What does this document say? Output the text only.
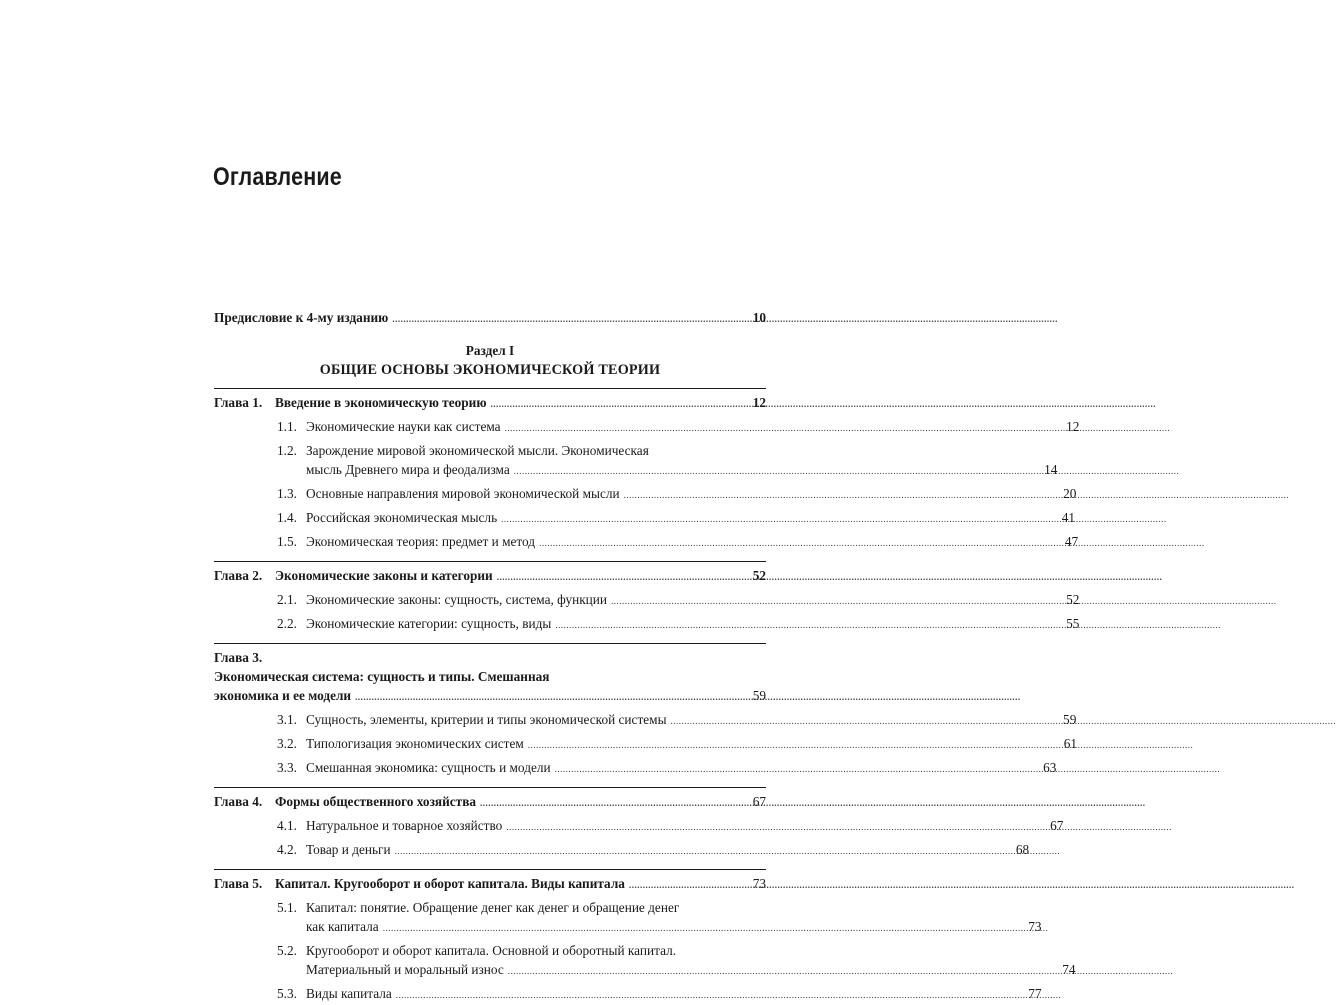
Оглавление
Предисловие к 4-му изданию .....	10
Раздел I
ОБЩИЕ ОСНОВЫ ЭКОНОМИЧЕСКОЙ ТЕОРИИ
Глава 1. Введение в экономическую теорию .....	12
1.1. Экономические науки как система .....	12
1.2. Зарождение мировой экономической мысли. Экономическая
мысль Древнего мира и феодализма .....	14
1.3. Основные направления мировой экономической мысли .....	20
1.4. Российская экономическая мысль .....	41
1.5. Экономическая теория: предмет и метод .....	47
Глава 2. Экономические законы и категории .....	52
2.1. Экономические законы: сущность, система, функции .....	52
2.2. Экономические категории: сущность, виды .....	55
Глава 3.
Экономическая система: сущность и типы. Смешанная
экономика и ее модели .....	59
3.1. Сущность, элементы, критерии и типы экономической системы .....	59
3.2. Типологизация экономических систем .....	61
3.3. Смешанная экономика: сущность и модели .....	63
Глава 4. Формы общественного хозяйства .....	67
4.1. Натуральное и товарное хозяйство .....	67
4.2. Товар и деньги .....	68
Глава 5. Капитал. Кругооборот и оборот капитала. Виды капитала .....	73
5.1. Капитал: понятие. Обращение денег как денег и обращение денег
как капитала .....	73
5.2. Кругооборот и оборот капитала. Основной и оборотный капитал.
Материальный и моральный износ .....	74
5.3. Виды капитала .....	77
